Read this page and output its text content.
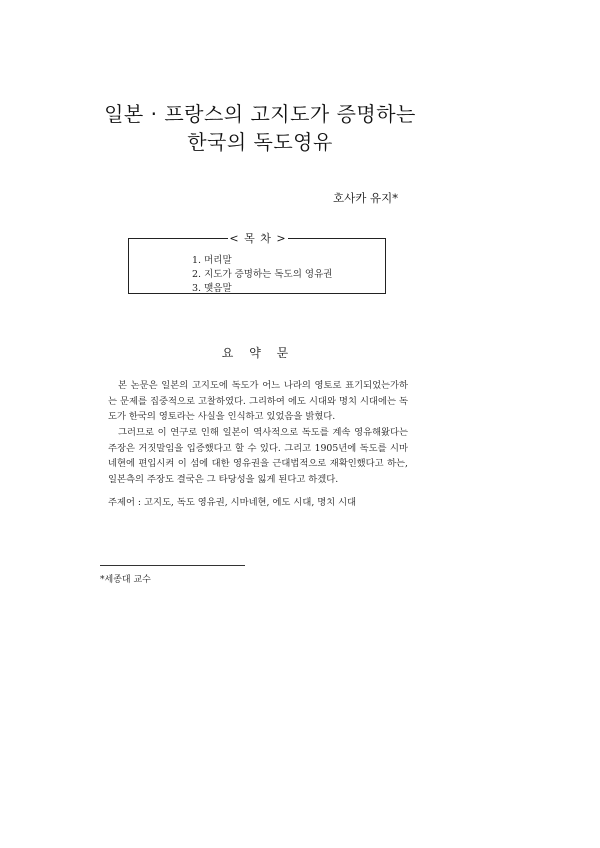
일본 · 프랑스의 고지도가 증명하는
한국의 독도영유
호사카 유지*
< 목 차 >
1. 머리말
2. 지도가 증명하는 독도의 영유권
3. 맺음말
요 약 문
본 논문은 일본의 고지도에 독도가 어느 나라의 영토로 표기되었는가하는 문제를 집중적으로 고찰하였다. 그리하여 에도 시대와 명치 시대에는 독도가 한국의 영토라는 사실을 인식하고 있었음을 밝혔다.
그러므로 이 연구로 인해 일본이 역사적으로 독도를 계속 영유해왔다는 주장은 거짓말임을 입증했다고 할 수 있다. 그리고 1905년에 독도를 시마네현에 편입시켜 이 섬에 대한 영유권을 근대법적으로 재확인했다고 하는, 일본측의 주장도 결국은 그 타당성을 잃게 된다고 하겠다.
주제어 : 고지도, 독도 영유권, 시마네현, 에도 시대, 명치 시대
*세종대 교수
